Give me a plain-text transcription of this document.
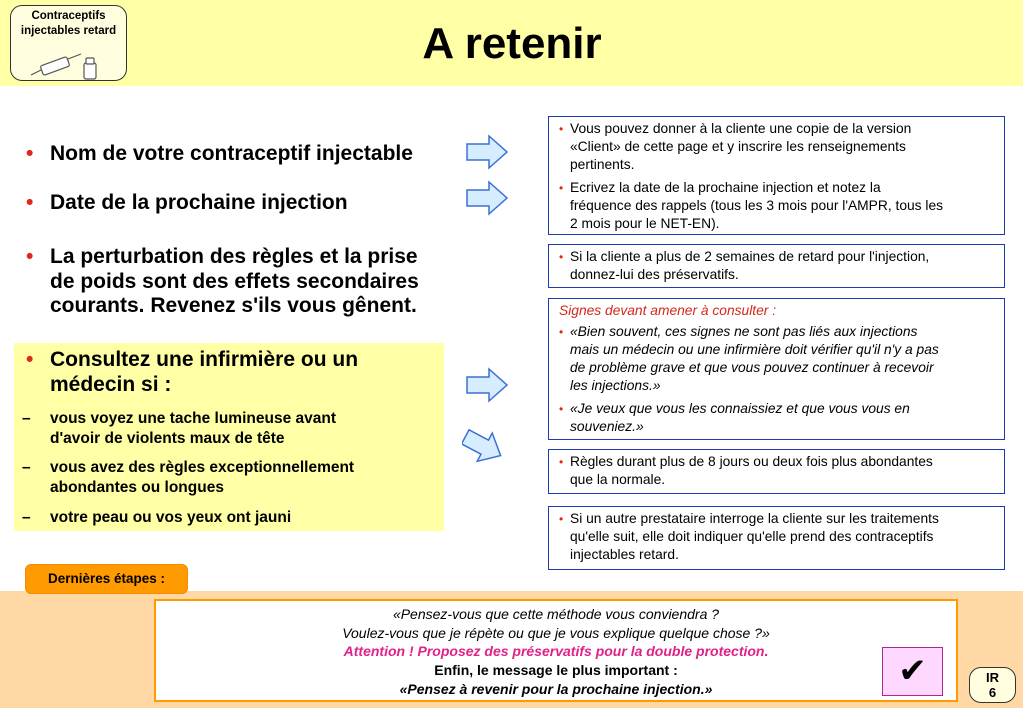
Contraceptifs
injectables retard	A retenir
• Nom de votre contraceptif injectable
• Date de la prochaine injection
• La perturbation des règles et la prise
de poids sont des effets secondaires
courants. Revenez s'ils vous gênent.
• Consultez une infirmière ou un
médecin si :
–	vous voyez une tache lumineuse avant
d'avoir de violents maux de tête
–	vous avez des règles exceptionnellement
abondantes ou longues
–	votre peau ou vos yeux ont jauni
• Vous pouvez donner à la cliente une copie de la version
«Client» de cette page et y inscrire les renseignements
pertinents.
• Ecrivez la date de la prochaine injection et notez la
fréquence des rappels (tous les 3 mois pour l'AMPR, tous les
2 mois pour le NET-EN).
• Si la cliente a plus de 2 semaines de retard pour l'injection,
donnez-lui des préservatifs.
Signes devant amener à consulter :
• «Bien souvent, ces signes ne sont pas liés aux injections
mais un médecin ou une infirmière doit vérifier qu'il n'y a pas
de problème grave et que vous pouvez continuer à recevoir
les injections.»
• «Je veux que vous les connaissiez et que vous vous en
souveniez.»
• Règles durant plus de 8 jours ou deux fois plus abondantes
que la normale.
• Si un autre prestataire interroge la cliente sur les traitements
qu'elle suit, elle doit indiquer qu'elle prend des contraceptifs
injectables retard.
Dernières étapes :
«Pensez-vous que cette méthode vous conviendra ?
Voulez-vous que je répète ou que je vous explique quelque chose ?»
Attention ! Proposez des préservatifs pour la double protection.
Enfin, le message le plus important :
«Pensez à revenir pour la prochaine injection.»	✔	IR
6
